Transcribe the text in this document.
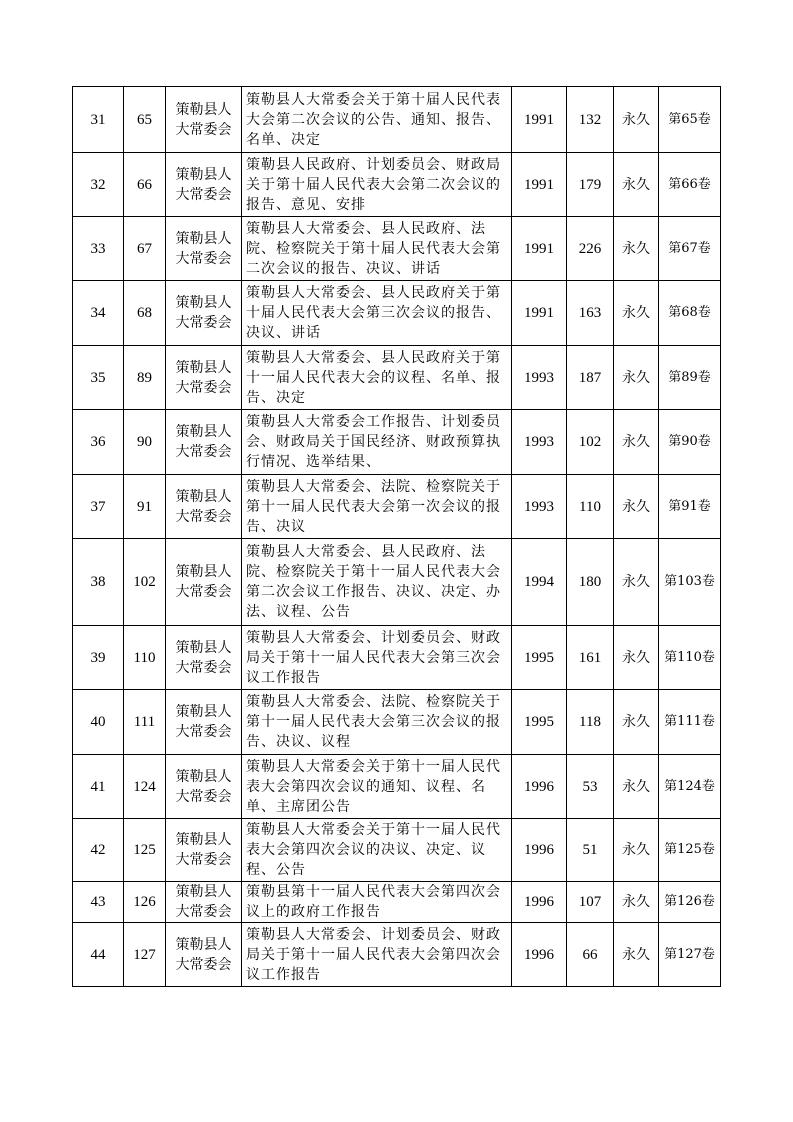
31	65	策勒县人大常委会	策勒县人大常委会关于第十届人民代表大会第二次会议的公告、通知、报告、名单、决定	1991	132	永久	第65卷
32	66	策勒县人大常委会	策勒县人民政府、计划委员会、财政局关于第十届人民代表大会第二次会议的报告、意见、安排	1991	179	永久	第66卷
33	67	策勒县人大常委会	策勒县人大常委会、县人民政府、法院、检察院关于第十届人民代表大会第二次会议的报告、决议、讲话	1991	226	永久	第67卷
34	68	策勒县人大常委会	策勒县人大常委会、县人民政府关于第十届人民代表大会第三次会议的报告、决议、讲话	1991	163	永久	第68卷
35	89	策勒县人大常委会	策勒县人大常委会、县人民政府关于第十一届人民代表大会的议程、名单、报告、决定	1993	187	永久	第89卷
36	90	策勒县人大常委会	策勒县人大常委会工作报告、计划委员会、财政局关于国民经济、财政预算执行情况、选举结果、	1993	102	永久	第90卷
37	91	策勒县人大常委会	策勒县人大常委会、法院、检察院关于第十一届人民代表大会第一次会议的报告、决议	1993	110	永久	第91卷
38	102	策勒县人大常委会	策勒县人大常委会、县人民政府、法院、检察院关于第十一届人民代表大会第二次会议工作报告、决议、决定、办法、议程、公告	1994	180	永久	第103卷
39	110	策勒县人大常委会	策勒县人大常委会、计划委员会、财政局关于第十一届人民代表大会第三次会议工作报告	1995	161	永久	第110卷
40	111	策勒县人大常委会	策勒县人大常委会、法院、检察院关于第十一届人民代表大会第三次会议的报告、决议、议程	1995	118	永久	第111卷
41	124	策勒县人大常委会	策勒县人大常委会关于第十一届人民代表大会第四次会议的通知、议程、名单、主席团公告	1996	53	永久	第124卷
42	125	策勒县人大常委会	策勒县人大常委会关于第十一届人民代表大会第四次会议的决议、决定、议程、公告	1996	51	永久	第125卷
43	126	策勒县人大常委会	策勒县第十一届人民代表大会第四次会议上的政府工作报告	1996	107	永久	第126卷
44	127	策勒县人大常委会	策勒县人大常委会、计划委员会、财政局关于第十一届人民代表大会第四次会议工作报告	1996	66	永久	第127卷
